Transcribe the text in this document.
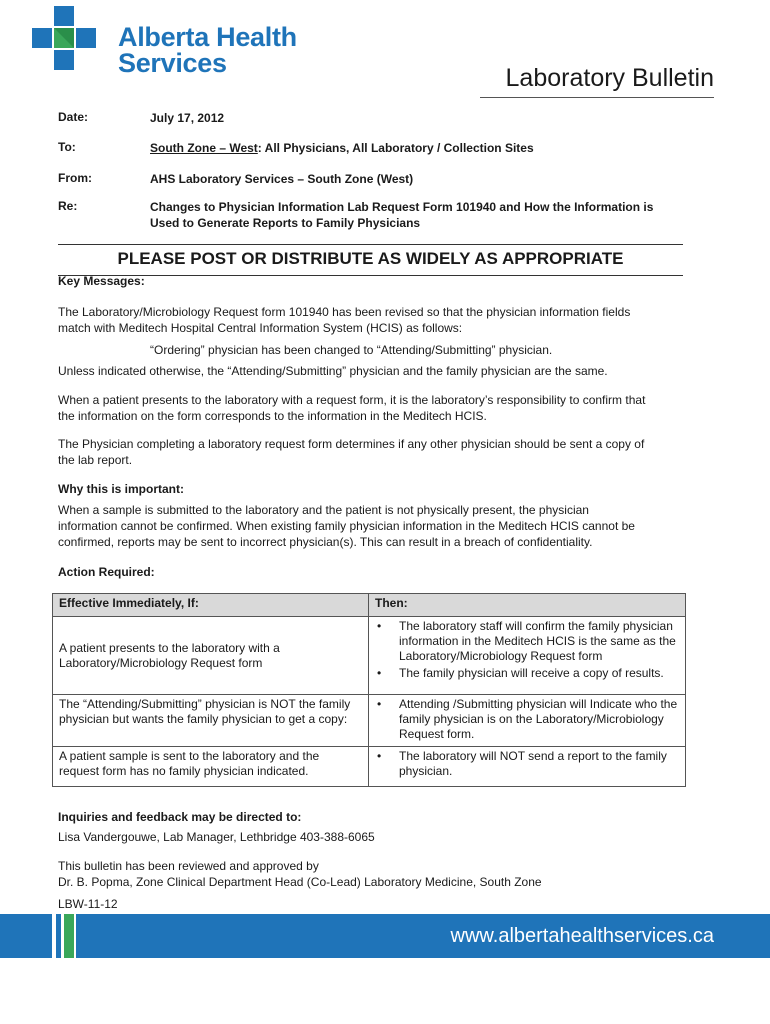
Alberta Health
Services	Laboratory Bulletin
Date:	July 17, 2012
To:	South Zone – West: All Physicians, All Laboratory / Collection Sites
From:	AHS Laboratory Services – South Zone (West)
Re:	Changes to Physician Information Lab Request Form 101940 and How the Information is
Used to Generate Reports to Family Physicians
PLEASE POST OR DISTRIBUTE AS WIDELY AS APPROPRIATE
Key Messages:
The Laboratory/Microbiology Request form 101940 has been revised so that the physician information fields
match with Meditech Hospital Central Information System (HCIS) as follows:
“Ordering” physician has been changed to “Attending/Submitting” physician.
Unless indicated otherwise, the “Attending/Submitting” physician and the family physician are the same.
When a patient presents to the laboratory with a request form, it is the laboratory’s responsibility to confirm that
the information on the form corresponds to the information in the Meditech HCIS.
The Physician completing a laboratory request form determines if any other physician should be sent a copy of
the lab report.
Why this is important:
When a sample is submitted to the laboratory and the patient is not physically present, the physician
information cannot be confirmed. When existing family physician information in the Meditech HCIS cannot be
confirmed, reports may be sent to incorrect physician(s). This can result in a breach of confidentiality.
Action Required:
Effective Immediately, If:	Then:
A patient presents to the laboratory with a Laboratory/Microbiology Request form	• The laboratory staff will confirm the family physician information in the Meditech HCIS is the same as the Laboratory/Microbiology Request form
• The family physician will receive a copy of results.

The “Attending/Submitting” physician is NOT the family physician but wants the family physician to get a copy:	• Attending /Submitting physician will Indicate who the family physician is on the Laboratory/Microbiology Request form.

A patient sample is sent to the laboratory and the request form has no family physician indicated.	• The laboratory will NOT send a report to the family physician.
Inquiries and feedback may be directed to:
Lisa Vandergouwe, Lab Manager, Lethbridge 403-388-6065
This bulletin has been reviewed and approved by
Dr. B. Popma, Zone Clinical Department Head (Co-Lead) Laboratory Medicine, South Zone
LBW-11-12
www.albertahealthservices.ca
